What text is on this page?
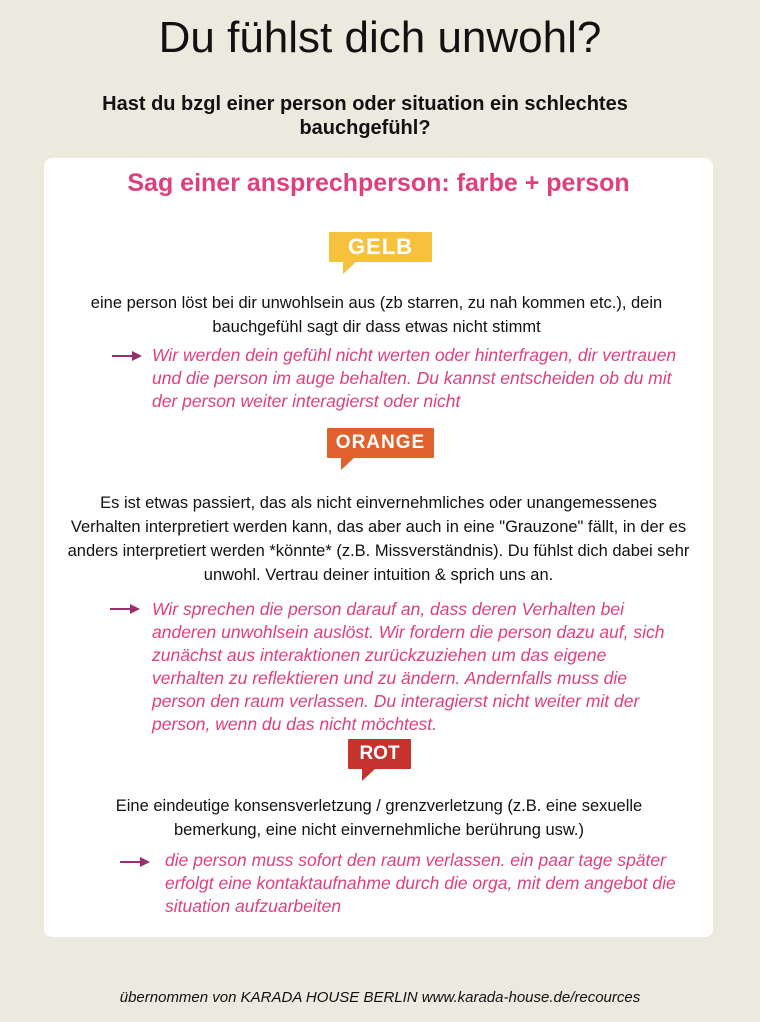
Du fühlst dich unwohl?
Hast du bzgl einer person oder situation ein schlechtes bauchgefühl?
Sag einer ansprechperson: farbe + person
GELB
eine person löst bei dir unwohlsein aus (zb starren, zu nah kommen etc.), dein bauchgefühl sagt dir dass etwas nicht stimmt
Wir werden dein gefühl nicht werten oder hinterfragen, dir vertrauen und die person im auge behalten. Du kannst entscheiden ob du mit der person weiter interagierst oder nicht
ORANGE
Es ist etwas passiert, das als nicht einvernehmliches oder unangemessenes Verhalten interpretiert werden kann, das aber auch in eine "Grauzone" fällt, in der es anders interpretiert werden *könnte* (z.B. Missverständnis). Du fühlst dich dabei sehr unwohl. Vertrau deiner intuition & sprich uns an.
Wir sprechen die person darauf an, dass deren Verhalten bei anderen unwohlsein auslöst. Wir fordern die person dazu auf, sich zunächst aus interaktionen zurückzuziehen um das eigene verhalten zu reflektieren und zu ändern. Andernfalls muss die person den raum verlassen. Du interagierst nicht weiter mit der person, wenn du das nicht möchtest.
ROT
Eine eindeutige konsensverletzung / grenzverletzung (z.B. eine sexuelle bemerkung, eine nicht einvernehmliche berührung usw.)
die person muss sofort den raum verlassen. ein paar tage später erfolgt eine kontaktaufnahme durch die orga, mit dem angebot die situation aufzuarbeiten
übernommen von KARADA HOUSE BERLIN www.karada-house.de/recources
